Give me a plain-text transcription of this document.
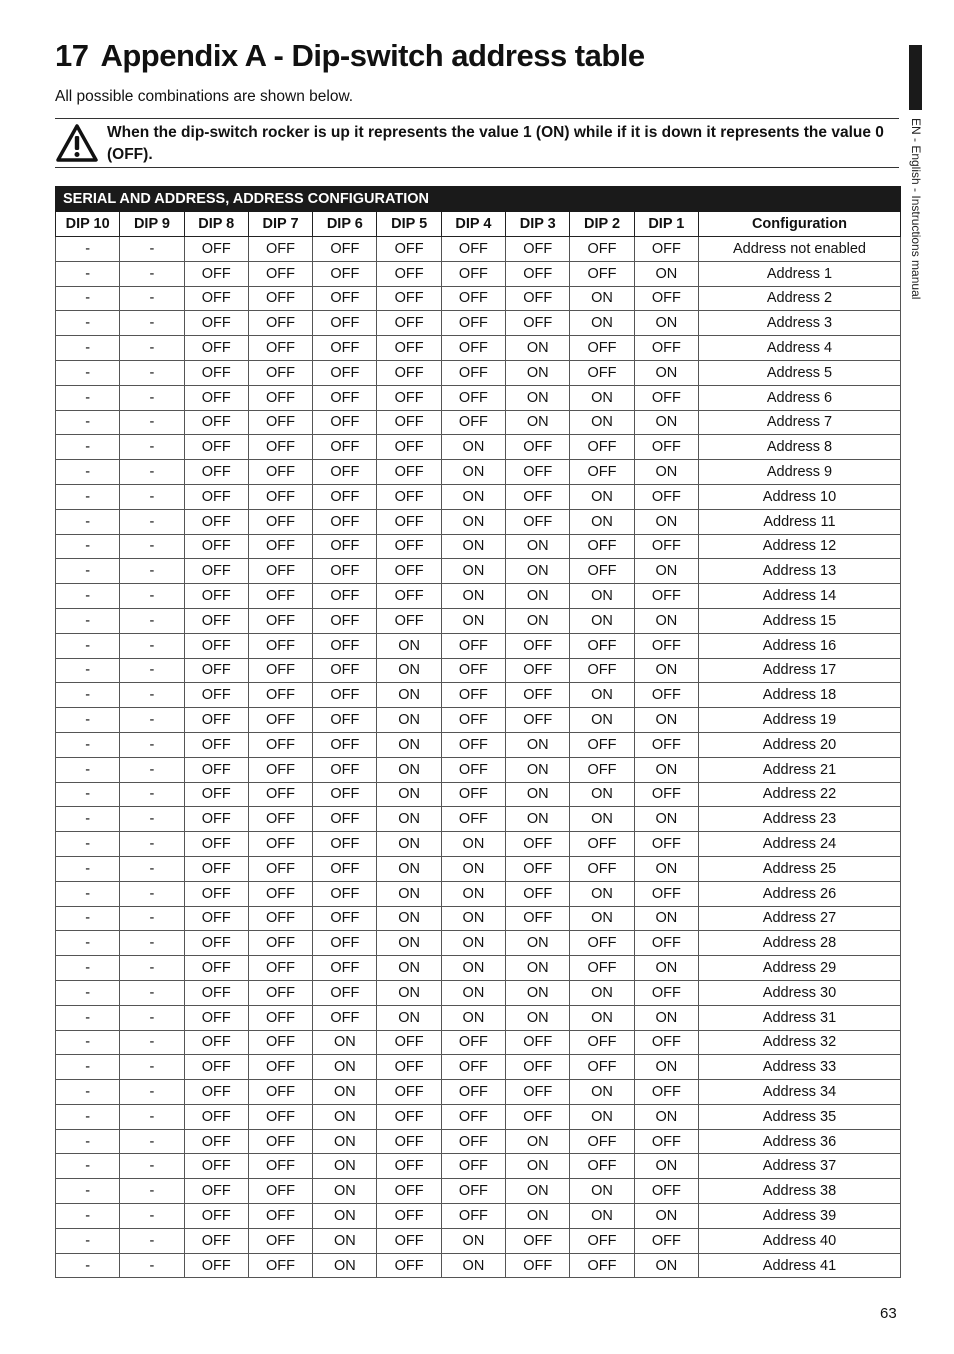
17 Appendix A - Dip-switch address table
All possible combinations are shown below.
When the dip-switch rocker is up it represents the value 1 (ON) while if it is down it represents the value 0 (OFF).	EN - English - Instructions manual
SERIAL AND ADDRESS, ADDRESS CONFIGURATION										
DIP 10	DIP 9	DIP 8	DIP 7	DIP 6	DIP 5	DIP 4	DIP 3	DIP 2	DIP 1	Configuration
-	-	OFF	OFF	OFF	OFF	OFF	OFF	OFF	OFF	Address not enabled
-	-	OFF	OFF	OFF	OFF	OFF	OFF	OFF	ON	Address 1
-	-	OFF	OFF	OFF	OFF	OFF	OFF	ON	OFF	Address 2
-	-	OFF	OFF	OFF	OFF	OFF	OFF	ON	ON	Address 3
-	-	OFF	OFF	OFF	OFF	OFF	ON	OFF	OFF	Address 4
-	-	OFF	OFF	OFF	OFF	OFF	ON	OFF	ON	Address 5
-	-	OFF	OFF	OFF	OFF	OFF	ON	ON	OFF	Address 6
-	-	OFF	OFF	OFF	OFF	OFF	ON	ON	ON	Address 7
-	-	OFF	OFF	OFF	OFF	ON	OFF	OFF	OFF	Address 8
-	-	OFF	OFF	OFF	OFF	ON	OFF	OFF	ON	Address 9
-	-	OFF	OFF	OFF	OFF	ON	OFF	ON	OFF	Address 10
-	-	OFF	OFF	OFF	OFF	ON	OFF	ON	ON	Address 11
-	-	OFF	OFF	OFF	OFF	ON	ON	OFF	OFF	Address 12
-	-	OFF	OFF	OFF	OFF	ON	ON	OFF	ON	Address 13
-	-	OFF	OFF	OFF	OFF	ON	ON	ON	OFF	Address 14
-	-	OFF	OFF	OFF	OFF	ON	ON	ON	ON	Address 15
-	-	OFF	OFF	OFF	ON	OFF	OFF	OFF	OFF	Address 16
-	-	OFF	OFF	OFF	ON	OFF	OFF	OFF	ON	Address 17
-	-	OFF	OFF	OFF	ON	OFF	OFF	ON	OFF	Address 18
-	-	OFF	OFF	OFF	ON	OFF	OFF	ON	ON	Address 19
-	-	OFF	OFF	OFF	ON	OFF	ON	OFF	OFF	Address 20
-	-	OFF	OFF	OFF	ON	OFF	ON	OFF	ON	Address 21
-	-	OFF	OFF	OFF	ON	OFF	ON	ON	OFF	Address 22
-	-	OFF	OFF	OFF	ON	OFF	ON	ON	ON	Address 23
-	-	OFF	OFF	OFF	ON	ON	OFF	OFF	OFF	Address 24
-	-	OFF	OFF	OFF	ON	ON	OFF	OFF	ON	Address 25
-	-	OFF	OFF	OFF	ON	ON	OFF	ON	OFF	Address 26
-	-	OFF	OFF	OFF	ON	ON	OFF	ON	ON	Address 27
-	-	OFF	OFF	OFF	ON	ON	ON	OFF	OFF	Address 28
-	-	OFF	OFF	OFF	ON	ON	ON	OFF	ON	Address 29
-	-	OFF	OFF	OFF	ON	ON	ON	ON	OFF	Address 30
-	-	OFF	OFF	OFF	ON	ON	ON	ON	ON	Address 31
-	-	OFF	OFF	ON	OFF	OFF	OFF	OFF	OFF	Address 32
-	-	OFF	OFF	ON	OFF	OFF	OFF	OFF	ON	Address 33
-	-	OFF	OFF	ON	OFF	OFF	OFF	ON	OFF	Address 34
-	-	OFF	OFF	ON	OFF	OFF	OFF	ON	ON	Address 35
-	-	OFF	OFF	ON	OFF	OFF	ON	OFF	OFF	Address 36
-	-	OFF	OFF	ON	OFF	OFF	ON	OFF	ON	Address 37
-	-	OFF	OFF	ON	OFF	OFF	ON	ON	OFF	Address 38
-	-	OFF	OFF	ON	OFF	OFF	ON	ON	ON	Address 39
-	-	OFF	OFF	ON	OFF	ON	OFF	OFF	OFF	Address 40
-	-	OFF	OFF	ON	OFF	ON	OFF	OFF	ON	Address 41
63
